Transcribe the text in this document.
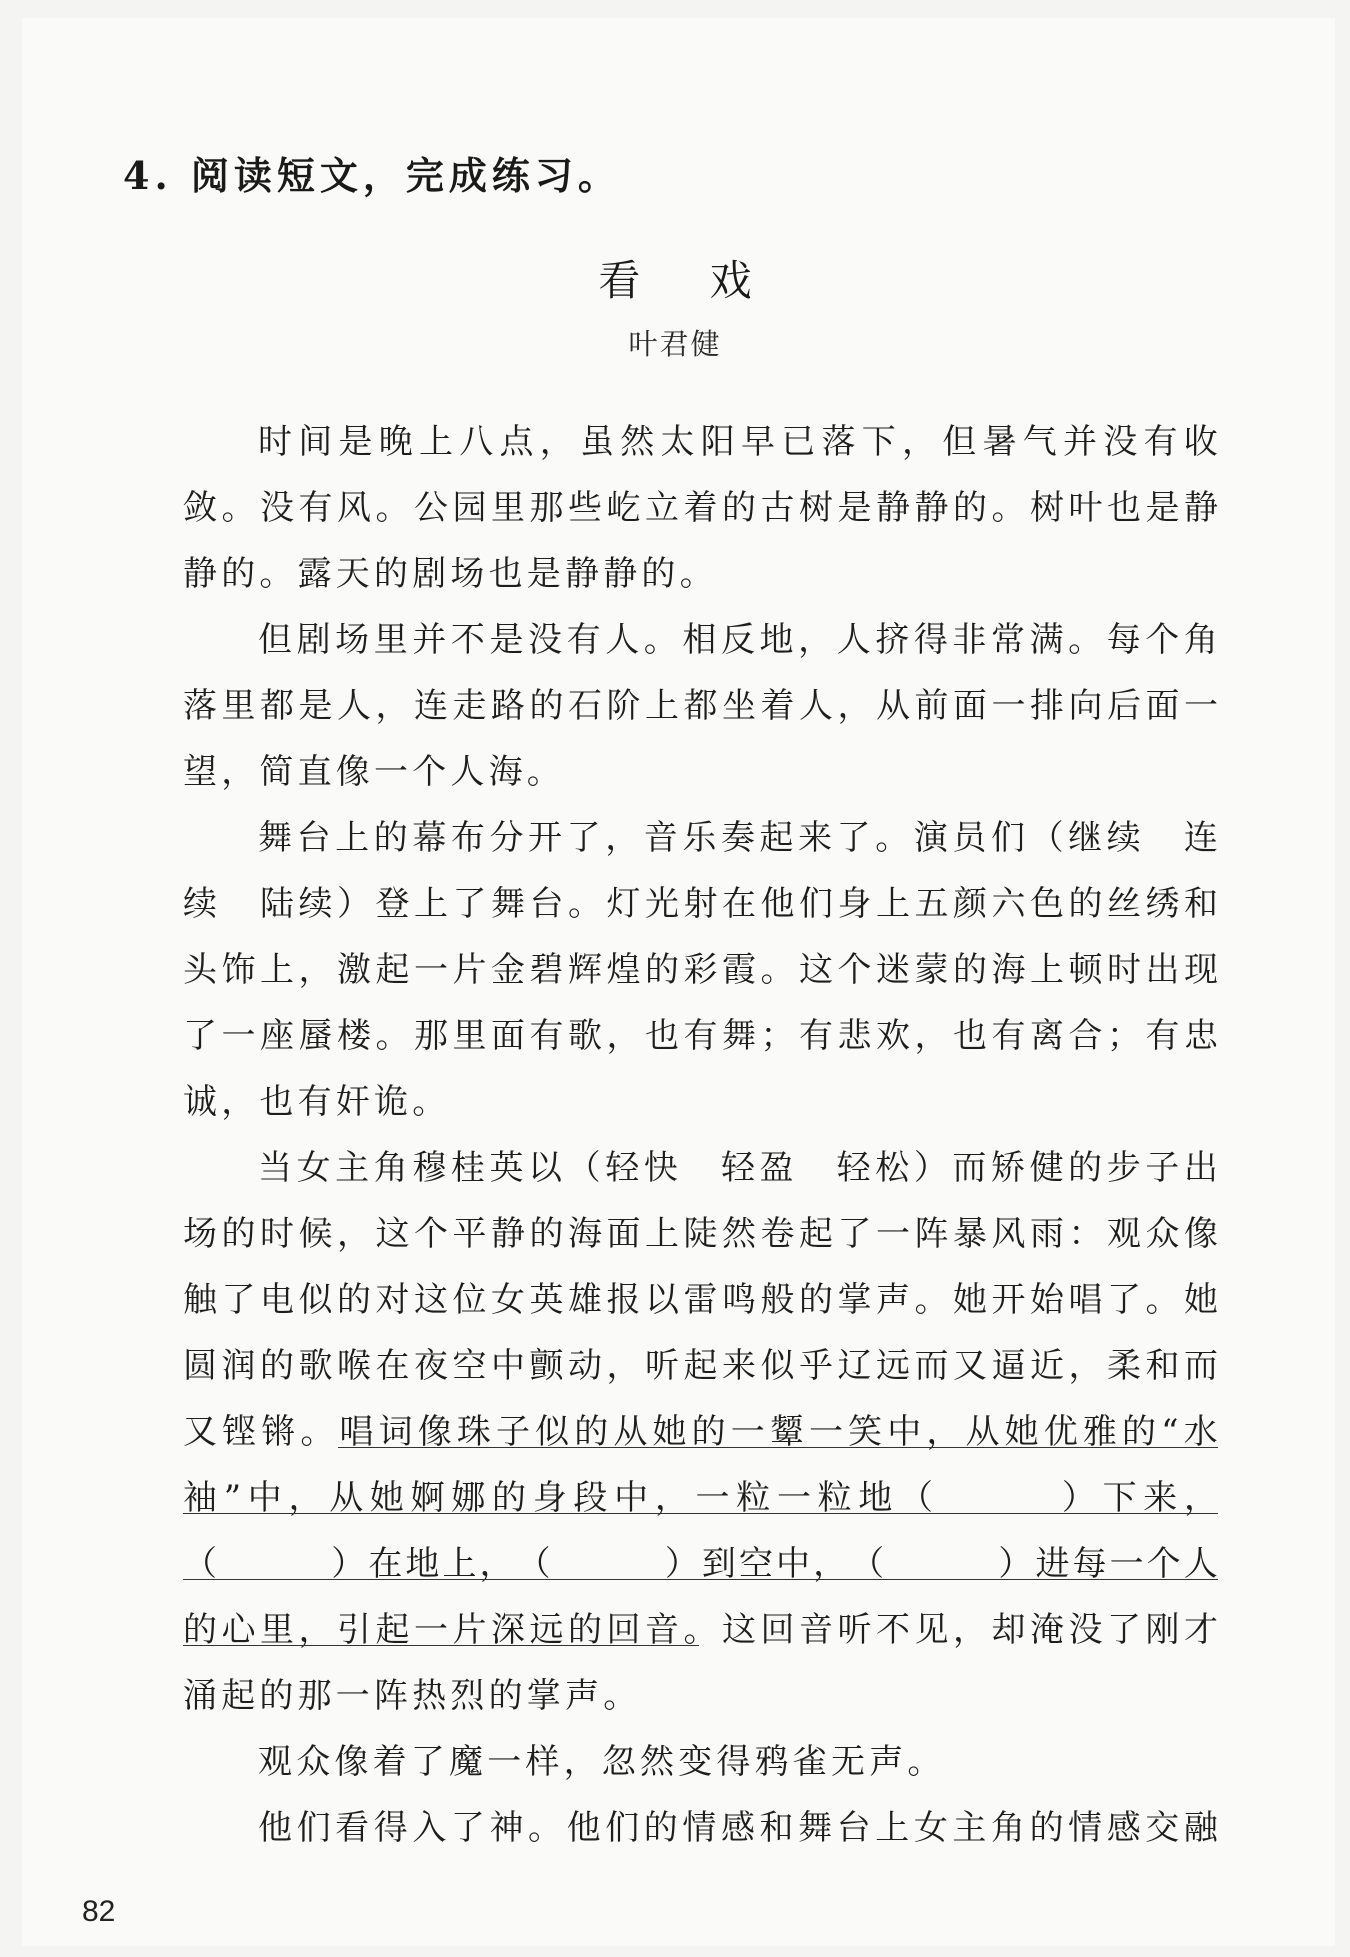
4. 阅读短文，完成练习。
看 戏
叶君健
时 间 是 晚 上 八 点 ， 虽 然 太 阳 早 已 落 下 ， 但 暑 气 并 没 有 收
敛 。 没 有 风 。 公 园 里 那 些 屹 立 着 的 古 树 是 静 静 的 。 树 叶 也 是 静
静的。露天的剧场也是静静的。
但 剧 场 里 并 不 是 没 有 人 。 相 反 地 ， 人 挤 得 非 常 满 。 每 个 角
落 里 都 是 人 ， 连 走 路 的 石 阶 上 都 坐 着 人 ， 从 前 面 一 排 向 后 面 一
望，简直像一个人海。
舞 台 上 的 幕 布 分 开 了 ， 音 乐 奏 起 来 了 。 演 员 们 （ 继 续
　 连
续
　 陆 续 ） 登 上 了 舞 台 。 灯 光 射 在 他 们 身 上 五 颜 六 色 的 丝 绣 和
头 饰 上 ， 激 起 一 片 金 碧 辉 煌 的 彩 霞 。 这 个 迷 蒙 的 海 上 顿 时 出 现
了 一 座 蜃 楼 。 那 里 面 有 歌 ， 也 有 舞 ； 有 悲 欢 ， 也 有 离 合 ； 有 忠
诚，也有奸诡。
当 女 主 角 穆 桂 英 以 （ 轻 快
　 轻 盈
　 轻 松 ） 而 矫 健 的 步 子 出
场 的 时 候 ， 这 个 平 静 的 海 面 上 陡 然 卷 起 了 一 阵 暴 风 雨 ： 观 众 像
触 了 电 似 的 对 这 位 女 英 雄 报 以 雷 鸣 般 的 掌 声 。 她 开 始 唱 了 。 她
圆 润 的 歌 喉 在 夜 空 中 颤 动 ， 听 起 来 似 乎 辽 远 而 又 逼 近 ， 柔 和 而
又 铿 锵 。 唱 词 像 珠 子 似 的 从 她 的 一 颦 一 笑 中 ， 从 她 优 雅 的 “ 水
袖 ” 中 ， 从 她 婀 娜 的 身 段 中 ， 一 粒 一 粒 地 （

　	） 下 来 ，
（

　	） 在 地 上 ， （

　	） 到 空 中 ， （

　	） 进 每 一 个 人
的 心 里 ， 引 起 一 片 深 远 的 回 音 。 这 回 音 听 不 见 ， 却 淹 没 了 刚 才
涌起的那一阵热烈的掌声。
观众像着了魔一样，忽然变得鸦雀无声。
他 们 看 得 入 了 神 。 他 们 的 情 感 和 舞 台 上 女 主 角 的 情 感 交 融
82
